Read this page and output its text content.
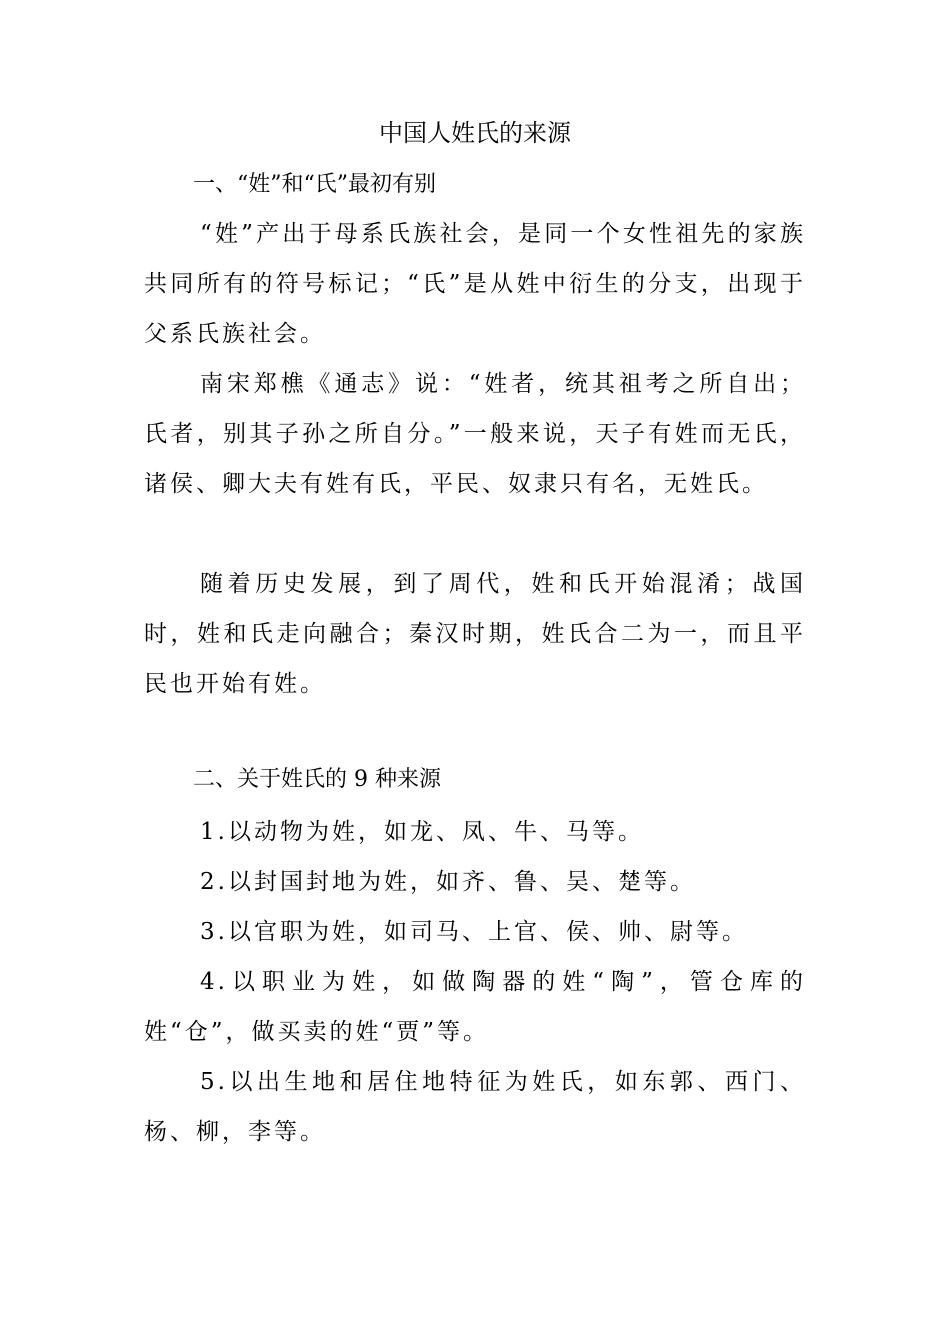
中国人姓氏的来源
一、“姓”和“氏”最初有别

“姓”产出于母系氏族社会，是同一个女性祖先的家族共同所有的符号标记；“氏”是从姓中衍生的分支，出现于父系氏族社会。

南宋郑樵《通志》说：“姓者，统其祖考之所自出；氏者，别其子孙之所自分。”一般来说，天子有姓而无氏，诸侯、卿大夫有姓有氏，平民、奴隶只有名，无姓氏。

随着历史发展，到了周代，姓和氏开始混淆；战国时，姓和氏走向融合；秦汉时期，姓氏合二为一，而且平民也开始有姓。

二、关于姓氏的 9 种来源

1.以动物为姓，如龙、凤、牛、马等。

2.以封国封地为姓，如齐、鲁、吴、楚等。

3.以官职为姓，如司马、上官、侯、帅、尉等。

4.以职业为姓，如做陶器的姓“陶”，管仓库的姓“仓”，做买卖的姓“贾”等。

5.以出生地和居住地特征为姓氏，如东郭、西门、杨、柳，李等。
